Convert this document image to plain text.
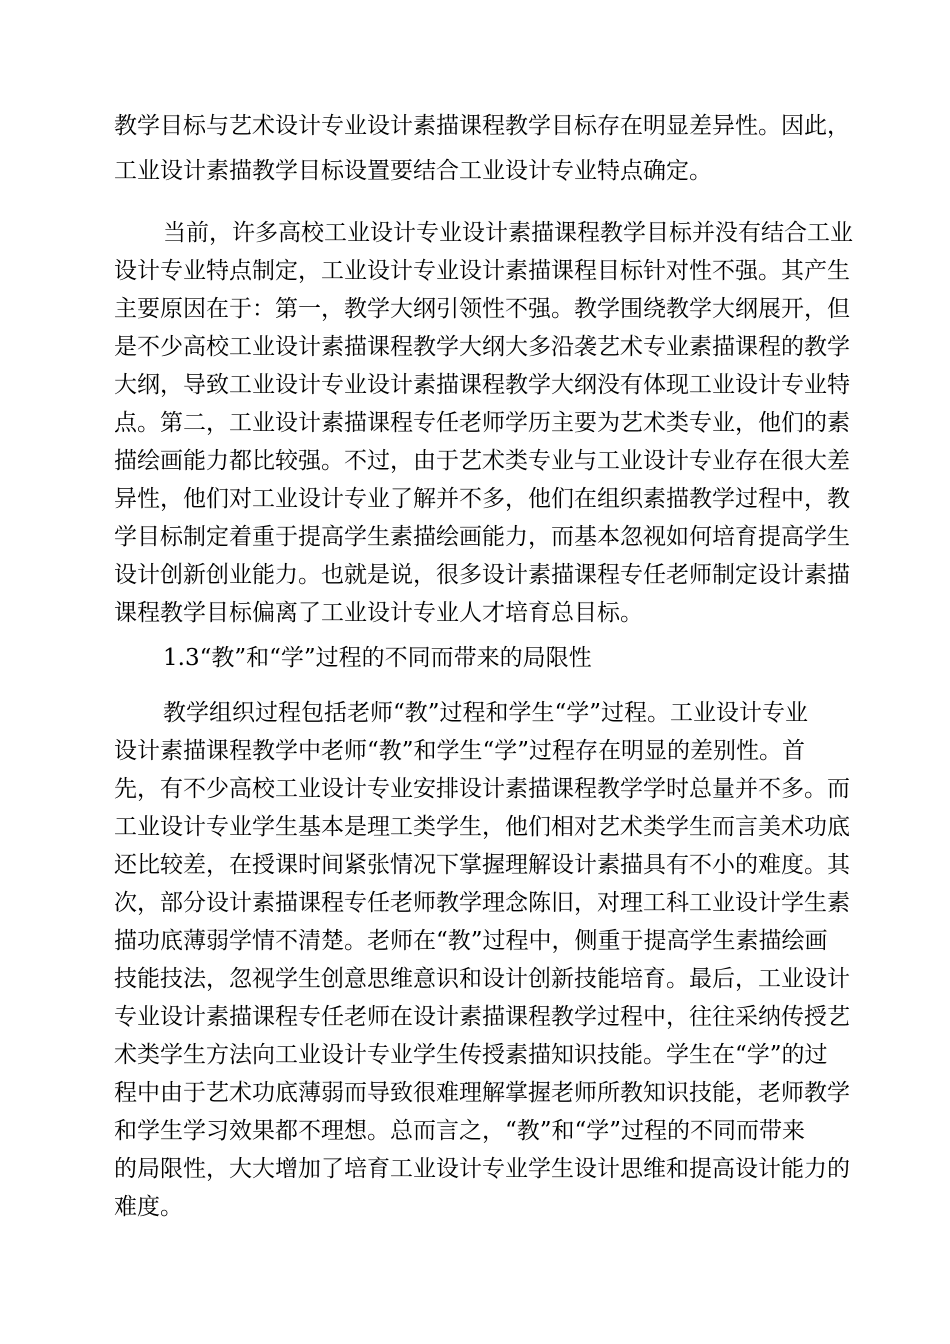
教学目标与艺术设计专业设计素描课程教学目标存在明显差异性。因此，

工业设计素描教学目标设置要结合工业设计专业特点确定。

当前，许多高校工业设计专业设计素描课程教学目标并没有结合工业

设计专业特点制定，工业设计专业设计素描课程目标针对性不强。其产生

主要原因在于：第一，教学大纲引领性不强。教学围绕教学大纲展开，但

是不少高校工业设计素描课程教学大纲大多沿袭艺术专业素描课程的教学

大纲，导致工业设计专业设计素描课程教学大纲没有体现工业设计专业特

点。第二，工业设计素描课程专任老师学历主要为艺术类专业，他们的素

描绘画能力都比较强。不过，由于艺术类专业与工业设计专业存在很大差

异性，他们对工业设计专业了解并不多，他们在组织素描教学过程中，教

学目标制定着重于提高学生素描绘画能力，而基本忽视如何培育提高学生

设计创新创业能力。也就是说，很多设计素描课程专任老师制定设计素描

课程教学目标偏离了工业设计专业人才培育总目标。

1.3“教”和“学”过程的不同而带来的局限性

教学组织过程包括老师“教”过程和学生“学”过程。工业设计专业

设计素描课程教学中老师“教”和学生“学”过程存在明显的差别性。首

先，有不少高校工业设计专业安排设计素描课程教学学时总量并不多。而

工业设计专业学生基本是理工类学生，他们相对艺术类学生而言美术功底

还比较差，在授课时间紧张情况下掌握理解设计素描具有不小的难度。其

次，部分设计素描课程专任老师教学理念陈旧，对理工科工业设计学生素

描功底薄弱学情不清楚。老师在“教”过程中，侧重于提高学生素描绘画

技能技法，忽视学生创意思维意识和设计创新技能培育。最后，工业设计

专业设计素描课程专任老师在设计素描课程教学过程中，往往采纳传授艺

术类学生方法向工业设计专业学生传授素描知识技能。学生在“学”的过

程中由于艺术功底薄弱而导致很难理解掌握老师所教知识技能，老师教学

和学生学习效果都不理想。总而言之，“教”和“学”过程的不同而带来

的局限性，大大增加了培育工业设计专业学生设计思维和提高设计能力的

难度。
